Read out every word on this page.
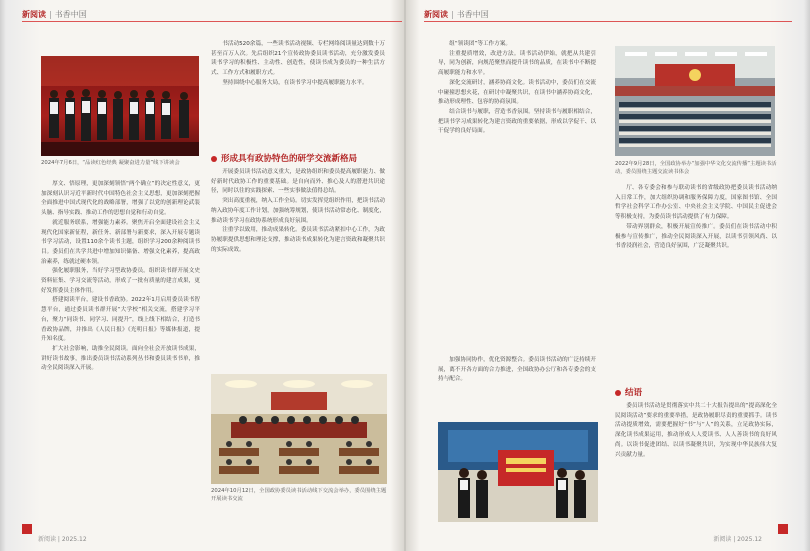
新阅读 | 书香中国
2024年7月6日，“品读红色经典 凝聚奋进力量”线下讲读会

厚文、悟原理，更加深刻领悟“两个确立”的决定性意义，更加深刻认识习近平新时代中国特色社会主义思想，更加深刻把握全面推进中国式现代化的战略部署，增强了以党的创新理论武装头脑、指导实践、推动工作的思想自觉和行动自觉。

就近服务联系，增强能力素养。聚焦开启全面建设社会主义现代化国家新征程，新任务、新部署与新要求，深入开展专题读书学习活动，设置110余个读书主题，组织学习200余种阅读书目。委员们在共学共进中增加知识储备、增强文化素养，提高政治素养，练就过硬本领。

强化履职服务，当好学习型政协委员。组织读书群开展文史资料征集、学习交流等活动，形成了一批有质量的建言成果，更好发挥委员主体作用。

搭建阅读平台，建设书香政协。2022年1月启用委员读书智慧平台，通过委员读书群开展“大学校”相关交流，搭建学习平台，聚力“同读书、同学习、同提升”，线上线下相结合，打造书香政协品牌，并推出《人民日报》《光明日报》等媒体报道，提升知名度。

扩大社会影响，助推全民阅读。面向全社会开放读书成果，讲好读书故事，推出委员读书活动系列丛书和委员读书书单，推动全民阅读深入开展。

书活动520余篇，一些读书活动视频、专栏网络阅读量达到数十万甚至百万人次。先后组织21个宣传政协委员读书活动，充分激发委员读书学习的积极性、主动性、创造性，使读书成为委员的一种生活方式、工作方式和履职方式。

坚持围绕中心服务大局，在读书学习中提高履职能力水平。

形成具有政协特色的研学交流新格局

开展委员读书活动意义重大，是政协组织和委员提高履职能力、做好新时代政协工作的重要基础。是自向而外、推心及人的潜进共识途径，同时以往的实践探索、一些实事做法值得总结。

突出高度重视，纳入工作全局。切实发挥党组织作用，把读书活动纳入政协年度工作计划，加强统筹规划，使读书活动常态化、制度化，推动读书学习在政协系统形成良好氛围。

注重学以致用，推动成果转化。委员读书活动紧扣中心工作，为政协履职提供思想和理论支撑，推动读书成果转化为建言资政和凝聚共识的实际成效。

2024年10月12日，全国政协委员读书活动线下交流会举办，委员围绕主题开展读书交流
新阅读 | 2025.12
新阅读 | 书香中国

组“领读团”等工作方案。

注重提质增效，改进方法。读书活动伊始，就把从共建引导，同为创新，向规范聚焦而提升读书的品质，在读书中不断提高履职能力和水平。

深化交流研讨，涵养协商文化。读书活动中，委员们在交流中碰撞思想火花，在研讨中凝聚共识，在读书中涵养协商文化，推动形成理性、包容的协商氛围。

结合读书与履职，营造书香氛围。坚持读书与履职相结合，把读书学习成果转化为建言资政的重要依据，形成以学促干、以干促学的良好局面。

加强协同协作，优化资源整合。委员读书活动的广泛持续开展，离不开各方面的合力推进，全国政协办公厅和各专委会的支持与配合。

2022年9月28日，全国政协举办“加强中华文化交流传播”主题读书活动，委员围绕主题交流读书体会

厅、各专委会和参与联动读书的省级政协把委员读书活动纳入日常工作，加大组织协调和服务保障力度，国家图书馆、全国哲学社会科学工作办公室、中央社会主义学院、中国民主促进会等积极支持，为委员读书活动提供了有力保障。

带动界别群众，积极开展宣传推广。委员们在读书活动中积极参与宣传推广，推动全民阅读深入开展，以读书引领风尚、以书香浸润社会，营造良好氛围，广泛凝聚共识。

结语

委员读书活动是贯彻落实中共二十大报告提出的“提高深化全民阅读活动”要求的重要举措，是政协履职尽责的重要抓手。读书活动提质增效，需要把握好“书”与“人”的关系，立足政协实际，深化读书成果运用，推动形成人人爱读书、人人善读书的良好风尚。以读书促进团结、以读书凝聚共识，为实现中华民族伟大复兴贡献力量。

新阅读 | 2025.12
